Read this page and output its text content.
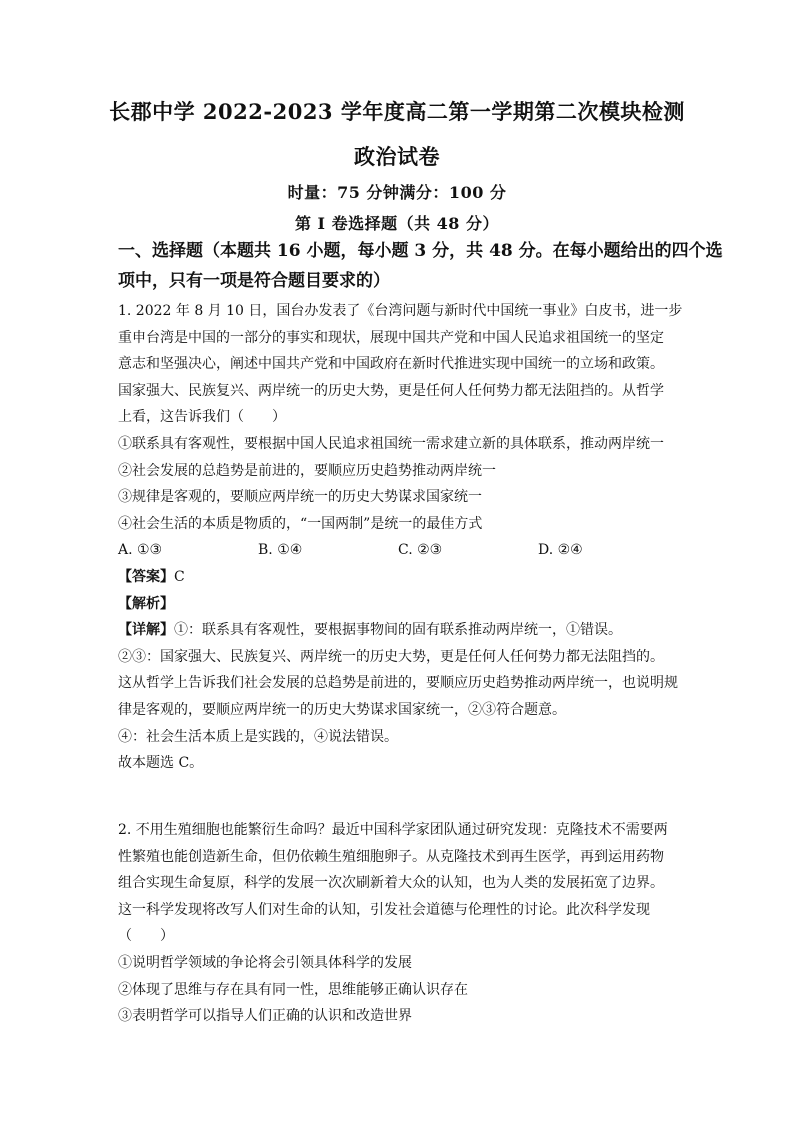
长郡中学 2022-2023 学年度高二第一学期第二次模块检测
政治试卷
时量：75 分钟满分：100 分
第 I 卷选择题（共 48 分）
一、选择题（本题共 16 小题，每小题 3 分，共 48 分。在每小题给出的四个选
项中，只有一项是符合题目要求的）
1. 2022 年 8 月 10 日，国台办发表了《台湾问题与新时代中国统一事业》白皮书，进一步
重申台湾是中国的一部分的事实和现状，展现中国共产党和中国人民追求祖国统一的坚定
意志和坚强决心，阐述中国共产党和中国政府在新时代推进实现中国统一的立场和政策。
国家强大、民族复兴、两岸统一的历史大势，更是任何人任何势力都无法阻挡的。从哲学
上看，这告诉我们（　　）
①联系具有客观性，要根据中国人民追求祖国统一需求建立新的具体联系，推动两岸统一
②社会发展的总趋势是前进的，要顺应历史趋势推动两岸统一
③规律是客观的，要顺应两岸统一的历史大势谋求国家统一
④社会生活的本质是物质的，“一国两制”是统一的最佳方式
A. ①③	B. ①④	C. ②③	D. ②④
【答案】C
【解析】
【详解】①：联系具有客观性，要根据事物间的固有联系推动两岸统一，①错误。
②③：国家强大、民族复兴、两岸统一的历史大势，更是任何人任何势力都无法阻挡的。
这从哲学上告诉我们社会发展的总趋势是前进的，要顺应历史趋势推动两岸统一，也说明规
律是客观的，要顺应两岸统一的历史大势谋求国家统一，②③符合题意。
④：社会生活本质上是实践的，④说法错误。
故本题选 C。
2. 不用生殖细胞也能繁衍生命吗？最近中国科学家团队通过研究发现：克隆技术不需要两
性繁殖也能创造新生命，但仍依赖生殖细胞卵子。从克隆技术到再生医学，再到运用药物
组合实现生命复原，科学的发展一次次刷新着大众的认知，也为人类的发展拓宽了边界。
这一科学发现将改写人们对生命的认知，引发社会道德与伦理性的讨论。此次科学发现
（　　）
①说明哲学领域的争论将会引领具体科学的发展
②体现了思维与存在具有同一性，思维能够正确认识存在
③表明哲学可以指导人们正确的认识和改造世界
